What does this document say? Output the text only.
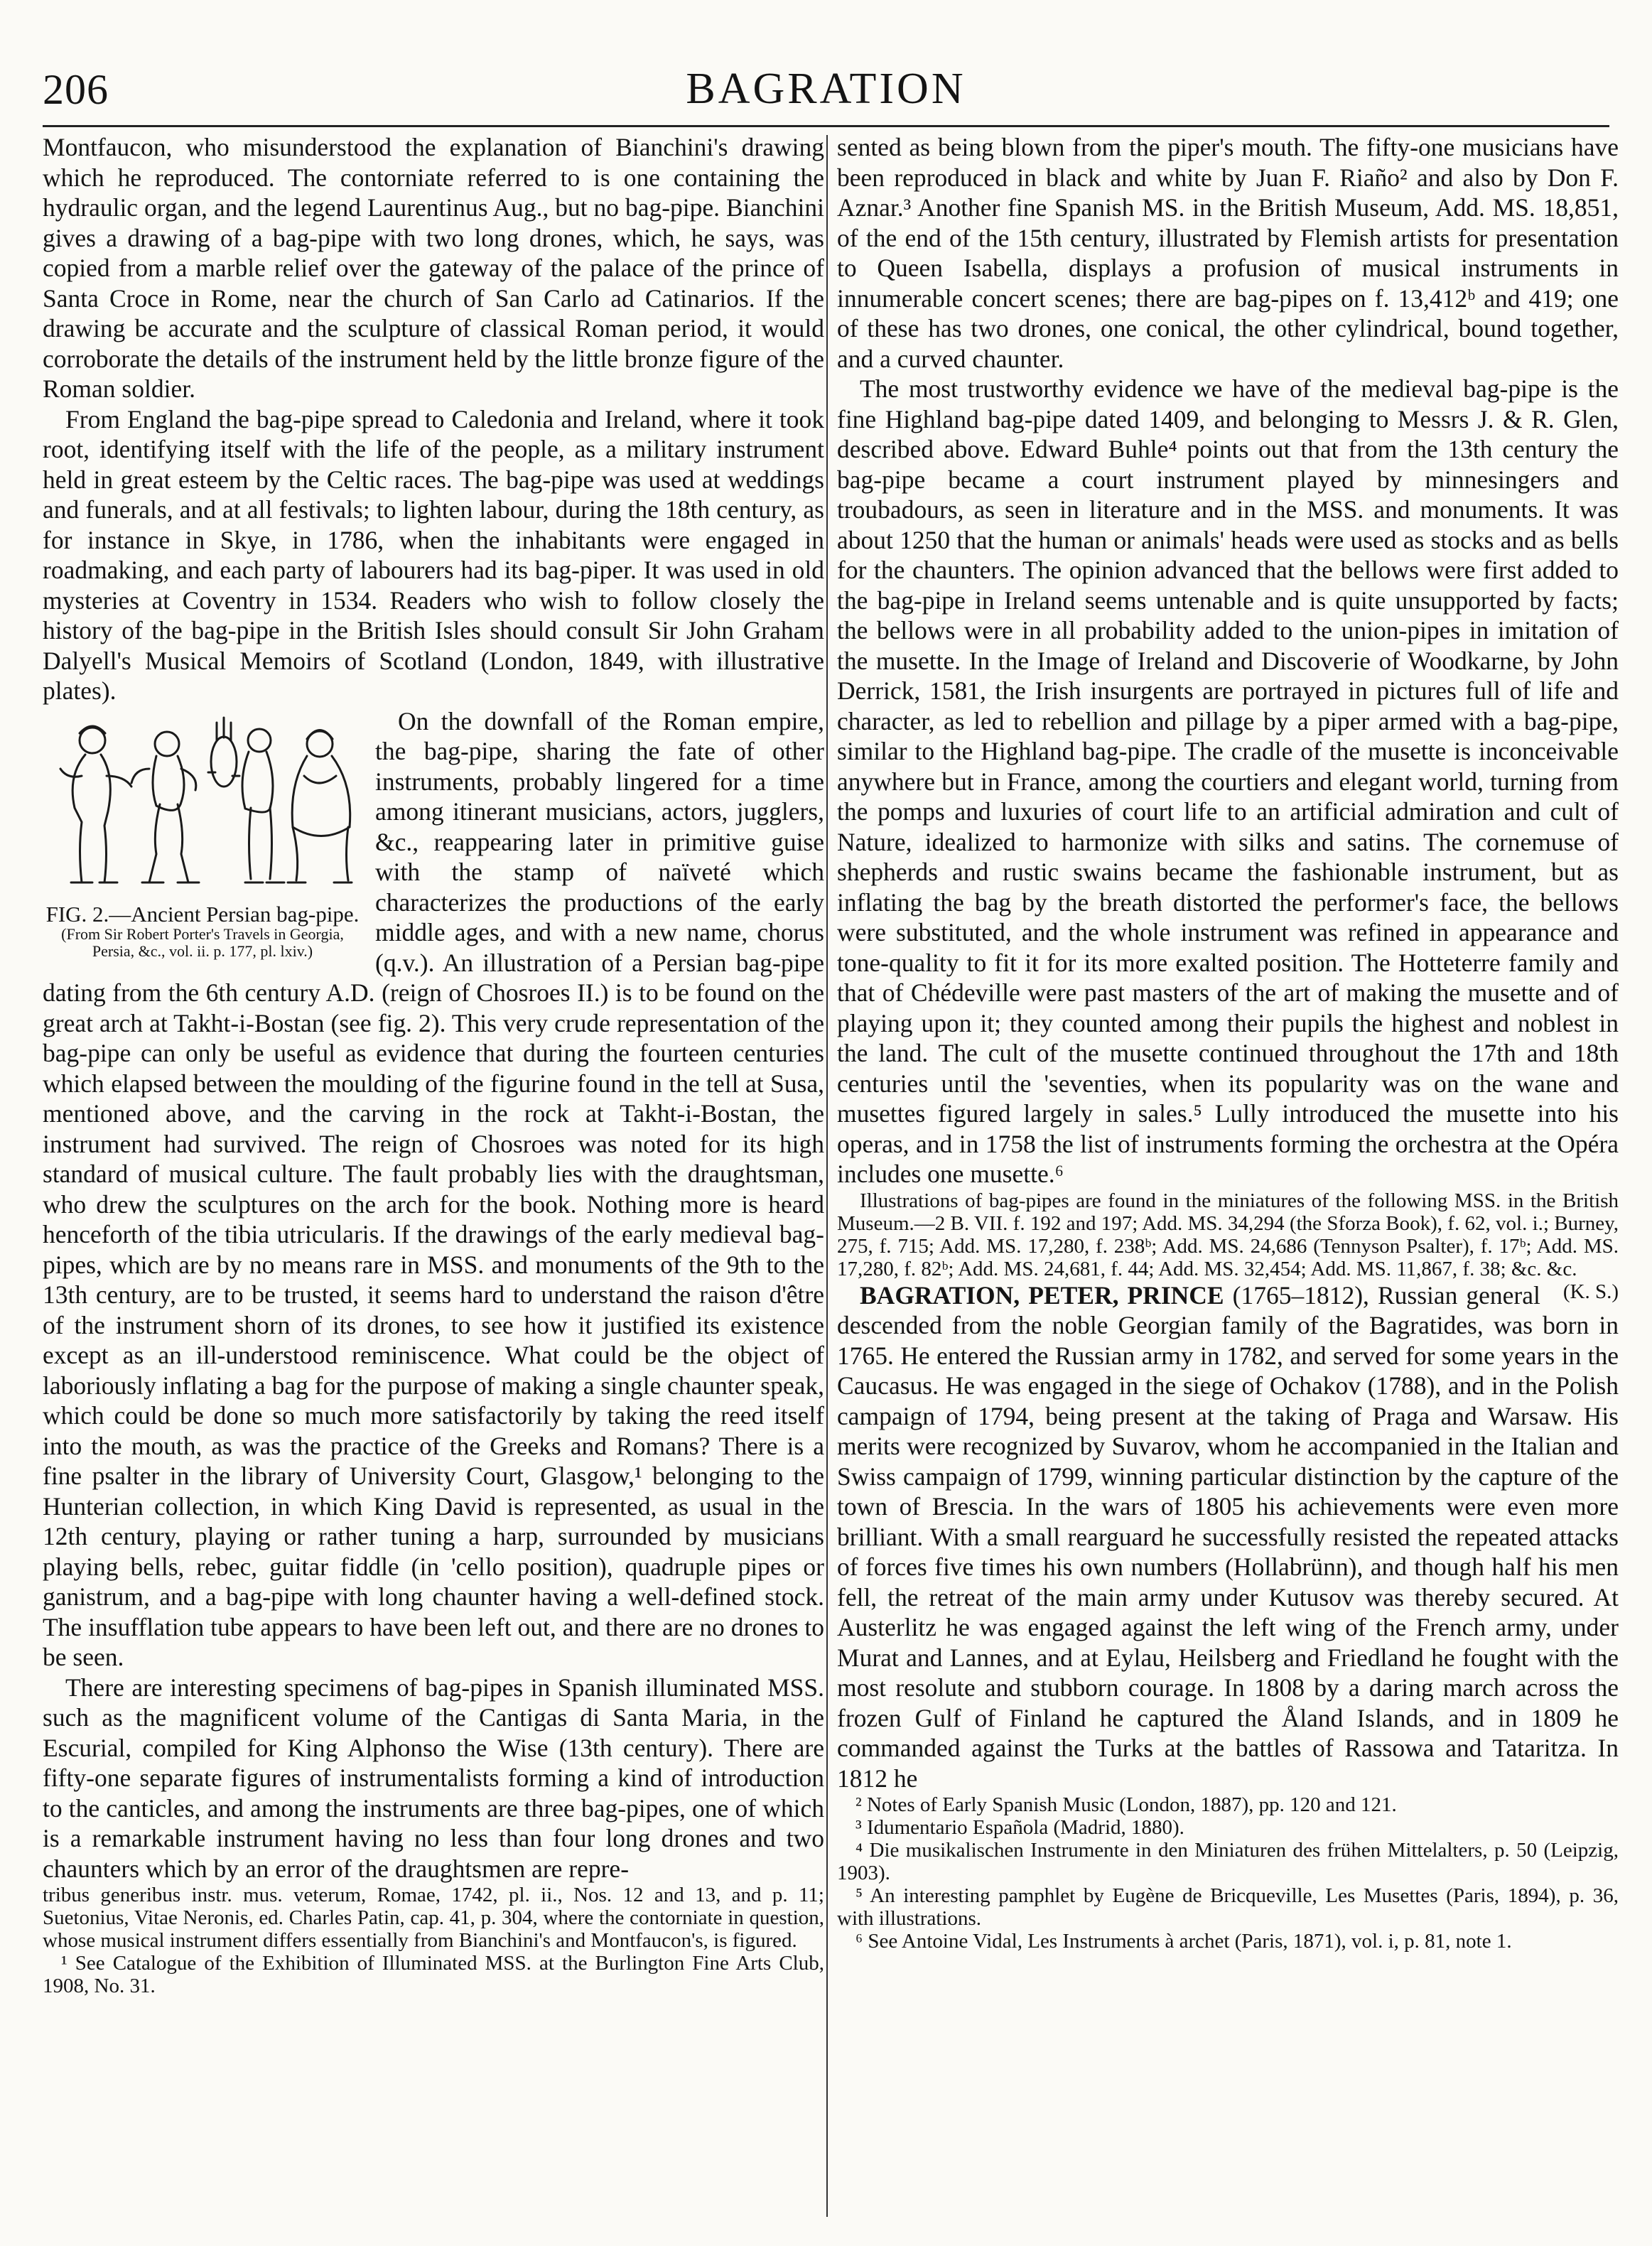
206	BAGRATION

Montfaucon, who misunderstood the explanation of Bianchini's drawing which he reproduced. The contorniate referred to is one containing the hydraulic organ, and the legend Laurentinus Aug., but no bag-pipe. Bianchini gives a drawing of a bag-pipe with two long drones, which, he says, was copied from a marble relief over the gateway of the palace of the prince of Santa Croce in Rome, near the church of San Carlo ad Catinarios. If the drawing be accurate and the sculpture of classical Roman period, it would corroborate the details of the instrument held by the little bronze figure of the Roman soldier.

From England the bag-pipe spread to Caledonia and Ireland, where it took root, identifying itself with the life of the people, as a military instrument held in great esteem by the Celtic races. The bag-pipe was used at weddings and funerals, and at all festivals; to lighten labour, during the 18th century, as for instance in Skye, in 1786, when the inhabitants were engaged in roadmaking, and each party of labourers had its bag-piper. It was used in old mysteries at Coventry in 1534. Readers who wish to follow closely the history of the bag-pipe in the British Isles should consult Sir John Graham Dalyell's Musical Memoirs of Scotland (London, 1849, with illustrative plates).

FIG. 2.—Ancient Persian bag-pipe.
(From Sir Robert Porter's Travels in Georgia, Persia, &c., vol. ii. p. 177, pl. lxiv.)

On the downfall of the Roman empire, the bag-pipe, sharing the fate of other instruments, probably lingered for a time among itinerant musicians, actors, jugglers, &c., reappearing later in primitive guise with the stamp of naïveté which characterizes the productions of the early middle ages, and with a new name, chorus (q.v.). An illustration of a Persian bag-pipe dating from the 6th century A.D. (reign of Chosroes II.) is to be found on the great arch at Takht-i-Bostan (see fig. 2). This very crude representation of the bag-pipe can only be useful as evidence that during the fourteen centuries which elapsed between the moulding of the figurine found in the tell at Susa, mentioned above, and the carving in the rock at Takht-i-Bostan, the instrument had survived. The reign of Chosroes was noted for its high standard of musical culture. The fault probably lies with the draughtsman, who drew the sculptures on the arch for the book. Nothing more is heard henceforth of the tibia utricularis. If the drawings of the early medieval bag-pipes, which are by no means rare in MSS. and monuments of the 9th to the 13th century, are to be trusted, it seems hard to understand the raison d'être of the instrument shorn of its drones, to see how it justified its existence except as an ill-understood reminiscence. What could be the object of laboriously inflating a bag for the purpose of making a single chaunter speak, which could be done so much more satisfactorily by taking the reed itself into the mouth, as was the practice of the Greeks and Romans? There is a fine psalter in the library of University Court, Glasgow,¹ belonging to the Hunterian collection, in which King David is represented, as usual in the 12th century, playing or rather tuning a harp, surrounded by musicians playing bells, rebec, guitar fiddle (in 'cello position), quadruple pipes or ganistrum, and a bag-pipe with long chaunter having a well-defined stock. The insufflation tube appears to have been left out, and there are no drones to be seen.

There are interesting specimens of bag-pipes in Spanish illuminated MSS. such as the magnificent volume of the Cantigas di Santa Maria, in the Escurial, compiled for King Alphonso the Wise (13th century). There are fifty-one separate figures of instrumentalists forming a kind of introduction to the canticles, and among the instruments are three bag-pipes, one of which is a remarkable instrument having no less than four long drones and two chaunters which by an error of the draughtsmen are repre-

tribus generibus instr. mus. veterum, Romae, 1742, pl. ii., Nos. 12 and 13, and p. 11; Suetonius, Vitae Neronis, ed. Charles Patin, cap. 41, p. 304, where the contorniate in question, whose musical instrument differs essentially from Bianchini's and Montfaucon's, is figured.

¹ See Catalogue of the Exhibition of Illuminated MSS. at the Burlington Fine Arts Club, 1908, No. 31.

sented as being blown from the piper's mouth. The fifty-one musicians have been reproduced in black and white by Juan F. Riaño² and also by Don F. Aznar.³ Another fine Spanish MS. in the British Museum, Add. MS. 18,851, of the end of the 15th century, illustrated by Flemish artists for presentation to Queen Isabella, displays a profusion of musical instruments in innumerable concert scenes; there are bag-pipes on f. 13,412ᵇ and 419; one of these has two drones, one conical, the other cylindrical, bound together, and a curved chaunter.

The most trustworthy evidence we have of the medieval bag-pipe is the fine Highland bag-pipe dated 1409, and belonging to Messrs J. & R. Glen, described above. Edward Buhle⁴ points out that from the 13th century the bag-pipe became a court instrument played by minnesingers and troubadours, as seen in literature and in the MSS. and monuments. It was about 1250 that the human or animals' heads were used as stocks and as bells for the chaunters. The opinion advanced that the bellows were first added to the bag-pipe in Ireland seems untenable and is quite unsupported by facts; the bellows were in all probability added to the union-pipes in imitation of the musette. In the Image of Ireland and Discoverie of Woodkarne, by John Derrick, 1581, the Irish insurgents are portrayed in pictures full of life and character, as led to rebellion and pillage by a piper armed with a bag-pipe, similar to the Highland bag-pipe. The cradle of the musette is inconceivable anywhere but in France, among the courtiers and elegant world, turning from the pomps and luxuries of court life to an artificial admiration and cult of Nature, idealized to harmonize with silks and satins. The cornemuse of shepherds and rustic swains became the fashionable instrument, but as inflating the bag by the breath distorted the performer's face, the bellows were substituted, and the whole instrument was refined in appearance and tone-quality to fit it for its more exalted position. The Hotteterre family and that of Chédeville were past masters of the art of making the musette and of playing upon it; they counted among their pupils the highest and noblest in the land. The cult of the musette continued throughout the 17th and 18th centuries until the 'seventies, when its popularity was on the wane and musettes figured largely in sales.⁵ Lully introduced the musette into his operas, and in 1758 the list of instruments forming the orchestra at the Opéra includes one musette.⁶

Illustrations of bag-pipes are found in the miniatures of the following MSS. in the British Museum.—2 B. VII. f. 192 and 197; Add. MS. 34,294 (the Sforza Book), f. 62, vol. i.; Burney, 275, f. 715; Add. MS. 17,280, f. 238ᵇ; Add. MS. 24,686 (Tennyson Psalter), f. 17ᵇ; Add. MS. 17,280, f. 82ᵇ; Add. MS. 24,681, f. 44; Add. MS. 32,454; Add. MS. 11,867, f. 38; &c. &c.
(K. S.)

BAGRATION, PETER, PRINCE (1765–1812), Russian general descended from the noble Georgian family of the Bagratides, was born in 1765. He entered the Russian army in 1782, and served for some years in the Caucasus. He was engaged in the siege of Ochakov (1788), and in the Polish campaign of 1794, being present at the taking of Praga and Warsaw. His merits were recognized by Suvarov, whom he accompanied in the Italian and Swiss campaign of 1799, winning particular distinction by the capture of the town of Brescia. In the wars of 1805 his achievements were even more brilliant. With a small rearguard he successfully resisted the repeated attacks of forces five times his own numbers (Hollabrünn), and though half his men fell, the retreat of the main army under Kutusov was thereby secured. At Austerlitz he was engaged against the left wing of the French army, under Murat and Lannes, and at Eylau, Heilsberg and Friedland he fought with the most resolute and stubborn courage. In 1808 by a daring march across the frozen Gulf of Finland he captured the Åland Islands, and in 1809 he commanded against the Turks at the battles of Rassowa and Tataritza. In 1812 he

² Notes of Early Spanish Music (London, 1887), pp. 120 and 121.

³ Idumentario Española (Madrid, 1880).

⁴ Die musikalischen Instrumente in den Miniaturen des frühen Mittelalters, p. 50 (Leipzig, 1903).

⁵ An interesting pamphlet by Eugène de Bricqueville, Les Musettes (Paris, 1894), p. 36, with illustrations.

⁶ See Antoine Vidal, Les Instruments à archet (Paris, 1871), vol. i, p. 81, note 1.
